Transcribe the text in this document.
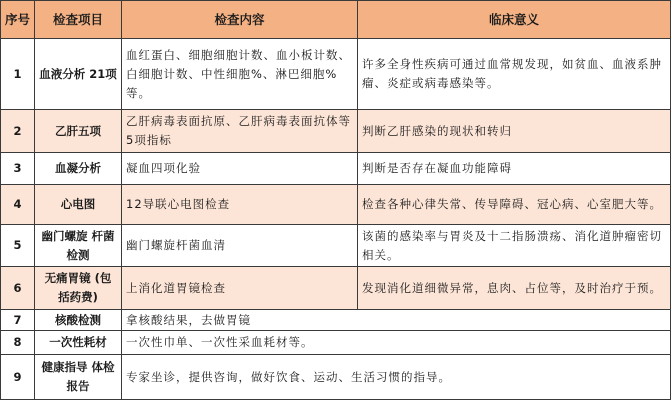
序号	检查项目	检查内容	临床意义
1	血液分析 21项	血红蛋白、细胞细胞计数、血小板计数、白细胞计数、中性细胞%、淋巴细胞%等。	许多全身性疾病可通过血常规发现，如贫血、血液系肿瘤、炎症或病毒感染等。
2	乙肝五项	乙肝病毒表面抗原、乙肝病毒表面抗体等5项指标	判断乙肝感染的现状和转归
3	血凝分析	凝血四项化验	判断是否存在凝血功能障碍
4	心电图	12导联心电图检查	检查各种心律失常、传导障碍、冠心病、心室肥大等。
5	幽门螺旋 杆菌检测	幽门螺旋杆菌血清	该菌的感染率与胃炎及十二指肠溃疡、消化道肿瘤密切相关。
6	无痛胃镜 (包括药费)	上消化道胃镜检查	发现消化道细微异常，息肉、占位等，及时治疗于预。
7	核酸检测	拿核酸结果，去做胃镜	
8	一次性耗材	一次性巾单、一次性采血耗材等。	
9	健康指导 体检报告	专家坐诊，提供咨询，做好饮食、运动、生活习惯的指导。	
